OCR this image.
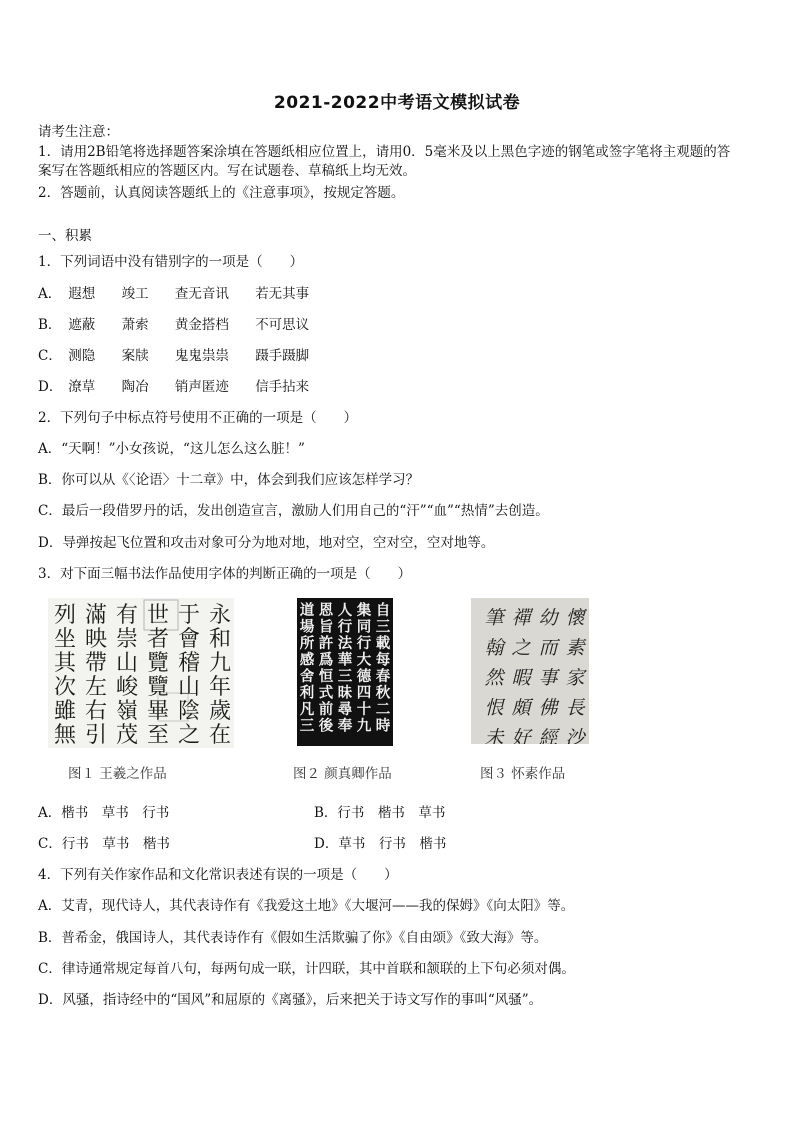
2021-2022中考语文模拟试卷
请考生注意：
1．请用2B铅笔将选择题答案涂填在答题纸相应位置上，请用0．5毫米及以上黑色字迹的钢笔或签字笔将主观题的答
案写在答题纸相应的答题区内。写在试题卷、草稿纸上均无效。
2．答题前，认真阅读答题纸上的《注意事项》，按规定答题。
一、积累
1．下列词语中没有错别字的一项是（　　）
A． 遐想 竣工 查无音讯 若无其事
B． 遮蔽 萧索 黄金搭档 不可思议
C． 测隐 案牍 鬼鬼祟祟 蹑手蹑脚
D． 潦草 陶冶 销声匿迹 信手拈来
2．下列句子中标点符号使用不正确的一项是（　　）
A．“天啊！”小女孩说，“这儿怎么这么脏！”
B．你可以从《〈论语〉十二章》中，体会到我们应该怎样学习？
C．最后一段借罗丹的话，发出创造宣言，激励人们用自己的“汗”“血”“热情”去创造。
D．导弹按起飞位置和攻击对象可分为地对地，地对空，空对空，空对地等。
3．对下面三幅书法作品使用字体的判断正确的一项是（　　）
永
和
九
年
歲
在
于
會
稽
山
陰
之
世
者
覽
覽
畢
至
有
崇
山
峻
嶺
茂
滿
映
帶
左
右
引
列
坐
其
次
雖
無
图１ 王羲之作品
自
三
載
每
春
秋
二
時
集
同
行
大
德
四
十
九
人
行
法
華
三
昧
尋
奉
恩
旨
許
爲
恒
式
前
後
道
場
所
感
舍
利
凡
三
图２ 颜真卿作品
懷
素
家
長
沙
幼
而
事
佛
經
禪
之
暇
頗
好
筆
翰
然
恨
未
图３ 怀素作品
A．楷书　草书　行书	B．行书　楷书　草书
C．行书　草书　楷书	D．草书　行书　楷书
4．下列有关作家作品和文化常识表述有误的一项是（　　）
A．艾青，现代诗人，其代表诗作有《我爱这土地》《大堰河——我的保姆》《向太阳》等。
B．普希金，俄国诗人，其代表诗作有《假如生活欺骗了你》《自由颂》《致大海》等。
C．律诗通常规定每首八句，每两句成一联，计四联，其中首联和颔联的上下句必须对偶。
D．风骚，指诗经中的“国风”和屈原的《离骚》，后来把关于诗文写作的事叫“风骚”。
